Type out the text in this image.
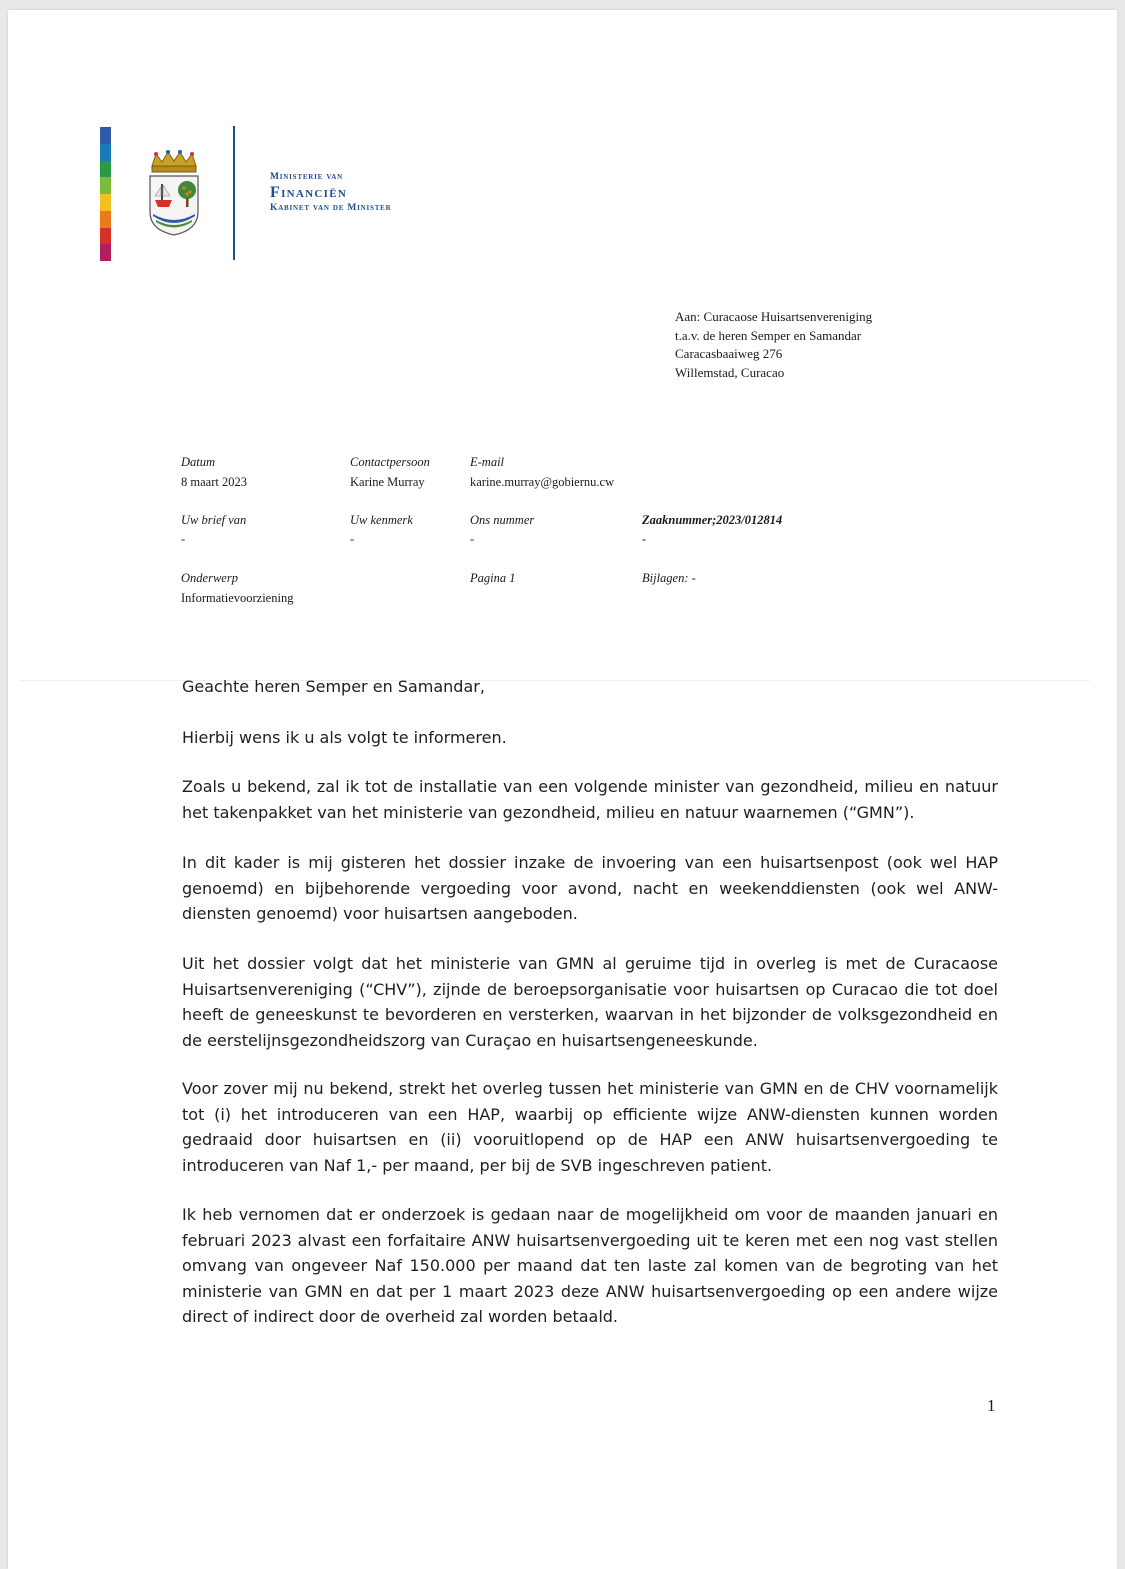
Ministerie van
Financiën
Kabinet van de Minister
Aan: Curacaose Huisartsenvereniging
t.a.v. de heren Semper en Samandar
Caracasbaaiweg 276
Willemstad, Curacao
Datum
8 maart 2023
Contactpersoon
Karine Murray
E-mail
karine.murray@gobiernu.cw
Uw brief van
-
Uw kenmerk
-
Ons nummer
-
Zaaknummer;2023/012814
-
Onderwerp
Informatievoorziening
Pagina 1	Bijlagen: -
Geachte heren Semper en Samandar,
Hierbij wens ik u als volgt te informeren.
Zoals u bekend, zal ik tot de installatie van een volgende minister van gezondheid, milieu en natuur het takenpakket van het ministerie van gezondheid, milieu en natuur waarnemen (“GMN”).
In dit kader is mij gisteren het dossier inzake de invoering van een huisartsenpost (ook wel HAP genoemd) en bijbehorende vergoeding voor avond, nacht en weekenddiensten (ook wel ANW-diensten genoemd) voor huisartsen aangeboden.
Uit het dossier volgt dat het ministerie van GMN al geruime tijd in overleg is met de Curacaose Huisartsenvereniging (“CHV”), zijnde de beroepsorganisatie voor huisartsen op Curacao die tot doel heeft de geneeskunst te bevorderen en versterken, waarvan in het bijzonder de volksgezondheid en de eerstelijnsgezondheidszorg van Curaçao en huisartsengeneeskunde.
Voor zover mij nu bekend, strekt het overleg tussen het ministerie van GMN en de CHV voornamelijk tot (i) het introduceren van een HAP, waarbij op efficiente wijze ANW-diensten kunnen worden gedraaid door huisartsen en (ii) vooruitlopend op de HAP een ANW huisartsenvergoeding te introduceren van Naf 1,- per maand, per bij de SVB ingeschreven patient.
Ik heb vernomen dat er onderzoek is gedaan naar de mogelijkheid om voor de maanden januari en februari 2023 alvast een forfaitaire ANW huisartsenvergoeding uit te keren met een nog vast stellen omvang van ongeveer Naf 150.000 per maand dat ten laste zal komen van de begroting van het ministerie van GMN en dat per 1 maart 2023 deze ANW huisartsenvergoeding op een andere wijze direct of indirect door de overheid zal worden betaald.
1
